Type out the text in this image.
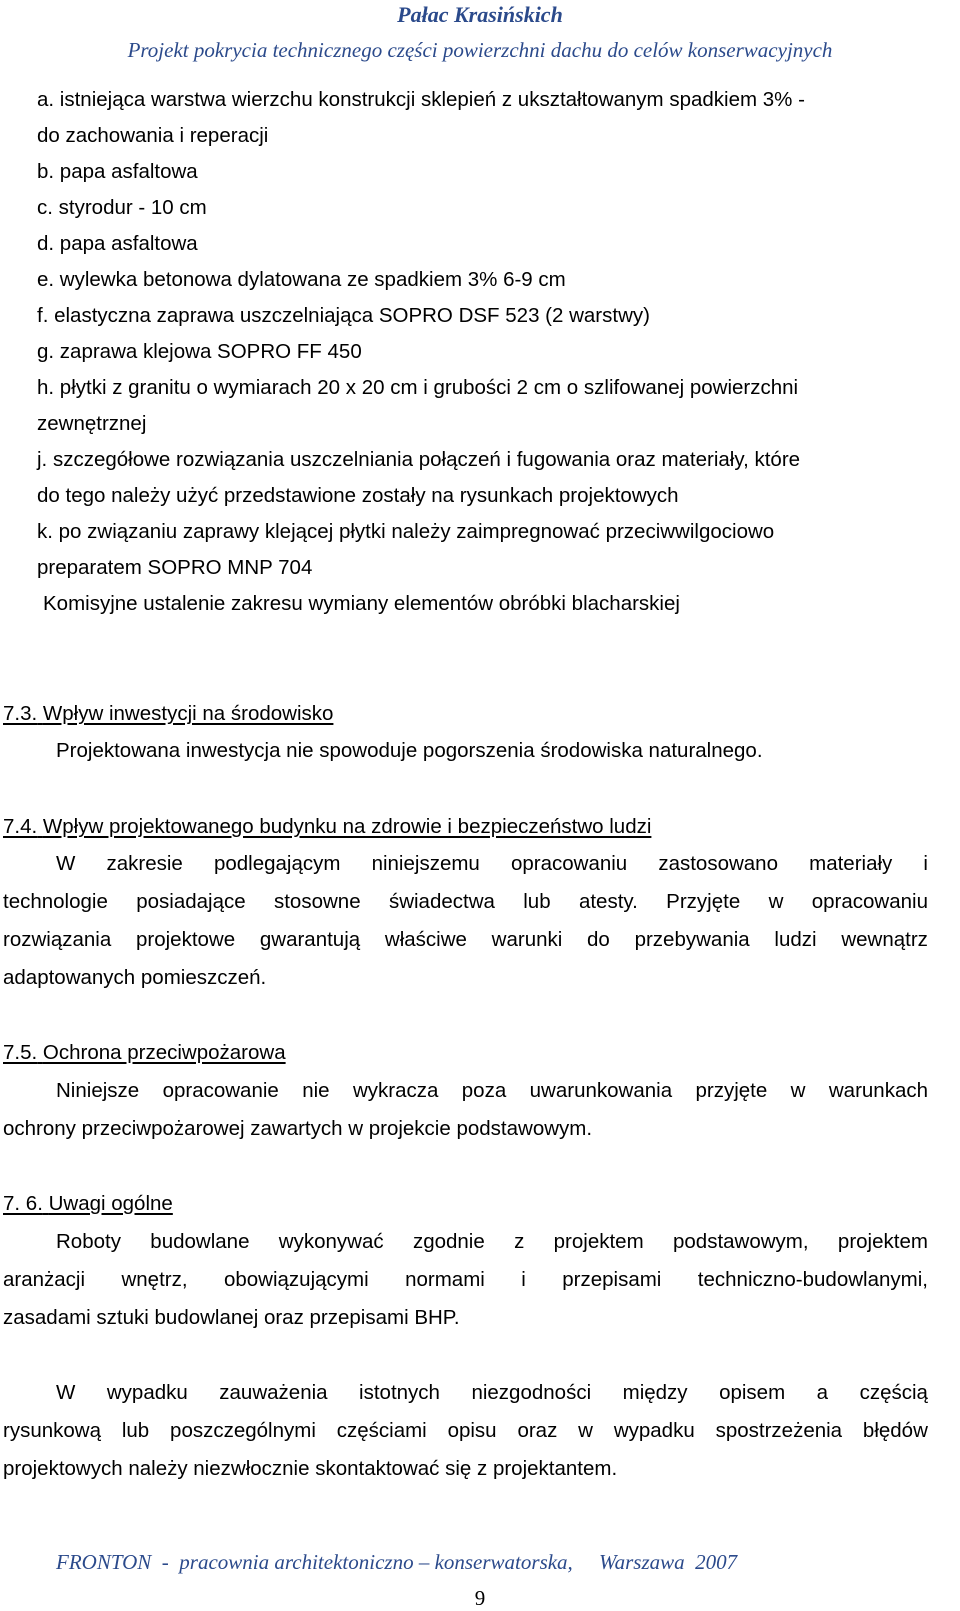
Pałac Krasińskich
Projekt pokrycia technicznego części powierzchni dachu do celów konserwacyjnych
a. istniejąca warstwa wierzchu konstrukcji sklepień z ukształtowanym spadkiem 3% -
do zachowania i reperacji
b. papa asfaltowa
c. styrodur - 10 cm
d. papa asfaltowa
e. wylewka betonowa dylatowana ze spadkiem 3% 6-9 cm
f. elastyczna zaprawa uszczelniająca SOPRO DSF 523 (2 warstwy)
g. zaprawa klejowa SOPRO FF 450
h. płytki z granitu o wymiarach 20 x 20 cm i grubości 2 cm o szlifowanej powierzchni
zewnętrznej
j. szczegółowe rozwiązania uszczelniania połączeń i fugowania oraz materiały, które
do tego należy użyć przedstawione zostały na rysunkach projektowych
k. po związaniu zaprawy klejącej płytki należy zaimpregnować przeciwwilgociowo
preparatem SOPRO MNP 704
Komisyjne ustalenie zakresu wymiany elementów obróbki blacharskiej
7.3. Wpływ inwestycji na środowisko
Projektowana inwestycja nie spowoduje pogorszenia środowiska naturalnego.
7.4. Wpływ projektowanego budynku na zdrowie i bezpieczeństwo ludzi
W zakresie podlegającym niniejszemu opracowaniu zastosowano materiały i
technologie posiadające stosowne świadectwa lub atesty. Przyjęte w opracowaniu
rozwiązania projektowe gwarantują właściwe warunki do przebywania ludzi wewnątrz
adaptowanych pomieszczeń.
7.5. Ochrona przeciwpożarowa
Niniejsze opracowanie nie wykracza poza uwarunkowania przyjęte w warunkach
ochrony przeciwpożarowej zawartych w projekcie podstawowym.
7. 6. Uwagi ogólne
Roboty budowlane wykonywać zgodnie z projektem podstawowym, projektem
aranżacji wnętrz, obowiązującymi normami i przepisami techniczno-budowlanymi,
zasadami sztuki budowlanej oraz przepisami BHP.
W wypadku zauważenia istotnych niezgodności między opisem a częścią
rysunkową lub poszczególnymi częściami opisu oraz w wypadku spostrzeżenia błędów
projektowych należy niezwłocznie skontaktować się z projektantem.
FRONTON  -  pracownia architektoniczno – konserwatorska,     Warszawa  2007
9
